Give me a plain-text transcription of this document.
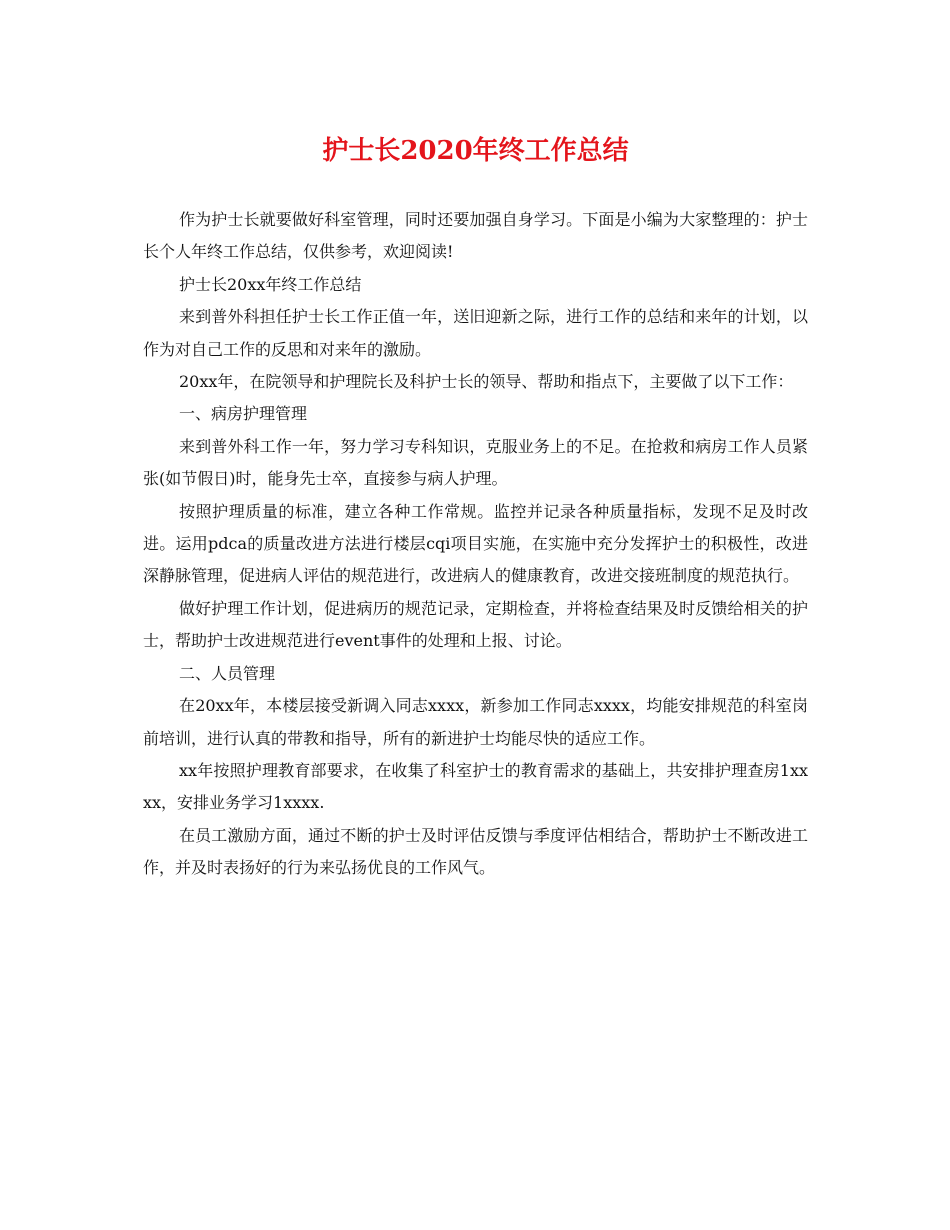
护士长2020年终工作总结

作为护士长就要做好科室管理，同时还要加强自身学习。下面是小编为大家整理的：护士长个人年终工作总结，仅供参考，欢迎阅读!

护士长20xx年终工作总结

来到普外科担任护士长工作正值一年，送旧迎新之际，进行工作的总结和来年的计划，以作为对自己工作的反思和对来年的激励。

20xx年，在院领导和护理院长及科护士长的领导、帮助和指点下，主要做了以下工作：

一、病房护理管理

来到普外科工作一年，努力学习专科知识，克服业务上的不足。在抢救和病房工作人员紧张(如节假日)时，能身先士卒，直接参与病人护理。

按照护理质量的标准，建立各种工作常规。监控并记录各种质量指标，发现不足及时改进。运用pdca的质量改进方法进行楼层cqi项目实施，在实施中充分发挥护士的积极性，改进深静脉管理，促进病人评估的规范进行，改进病人的健康教育，改进交接班制度的规范执行。

做好护理工作计划，促进病历的规范记录，定期检查，并将检查结果及时反馈给相关的护士，帮助护士改进规范进行event事件的处理和上报、讨论。

二、人员管理

在20xx年，本楼层接受新调入同志xxxx，新参加工作同志xxxx，均能安排规范的科室岗前培训，进行认真的带教和指导，所有的新进护士均能尽快的适应工作。

xx年按照护理教育部要求，在收集了科室护士的教育需求的基础上，共安排护理查房1xxxx，安排业务学习1xxxx.

在员工激励方面，通过不断的护士及时评估反馈与季度评估相结合，帮助护士不断改进工作，并及时表扬好的行为来弘扬优良的工作风气。
